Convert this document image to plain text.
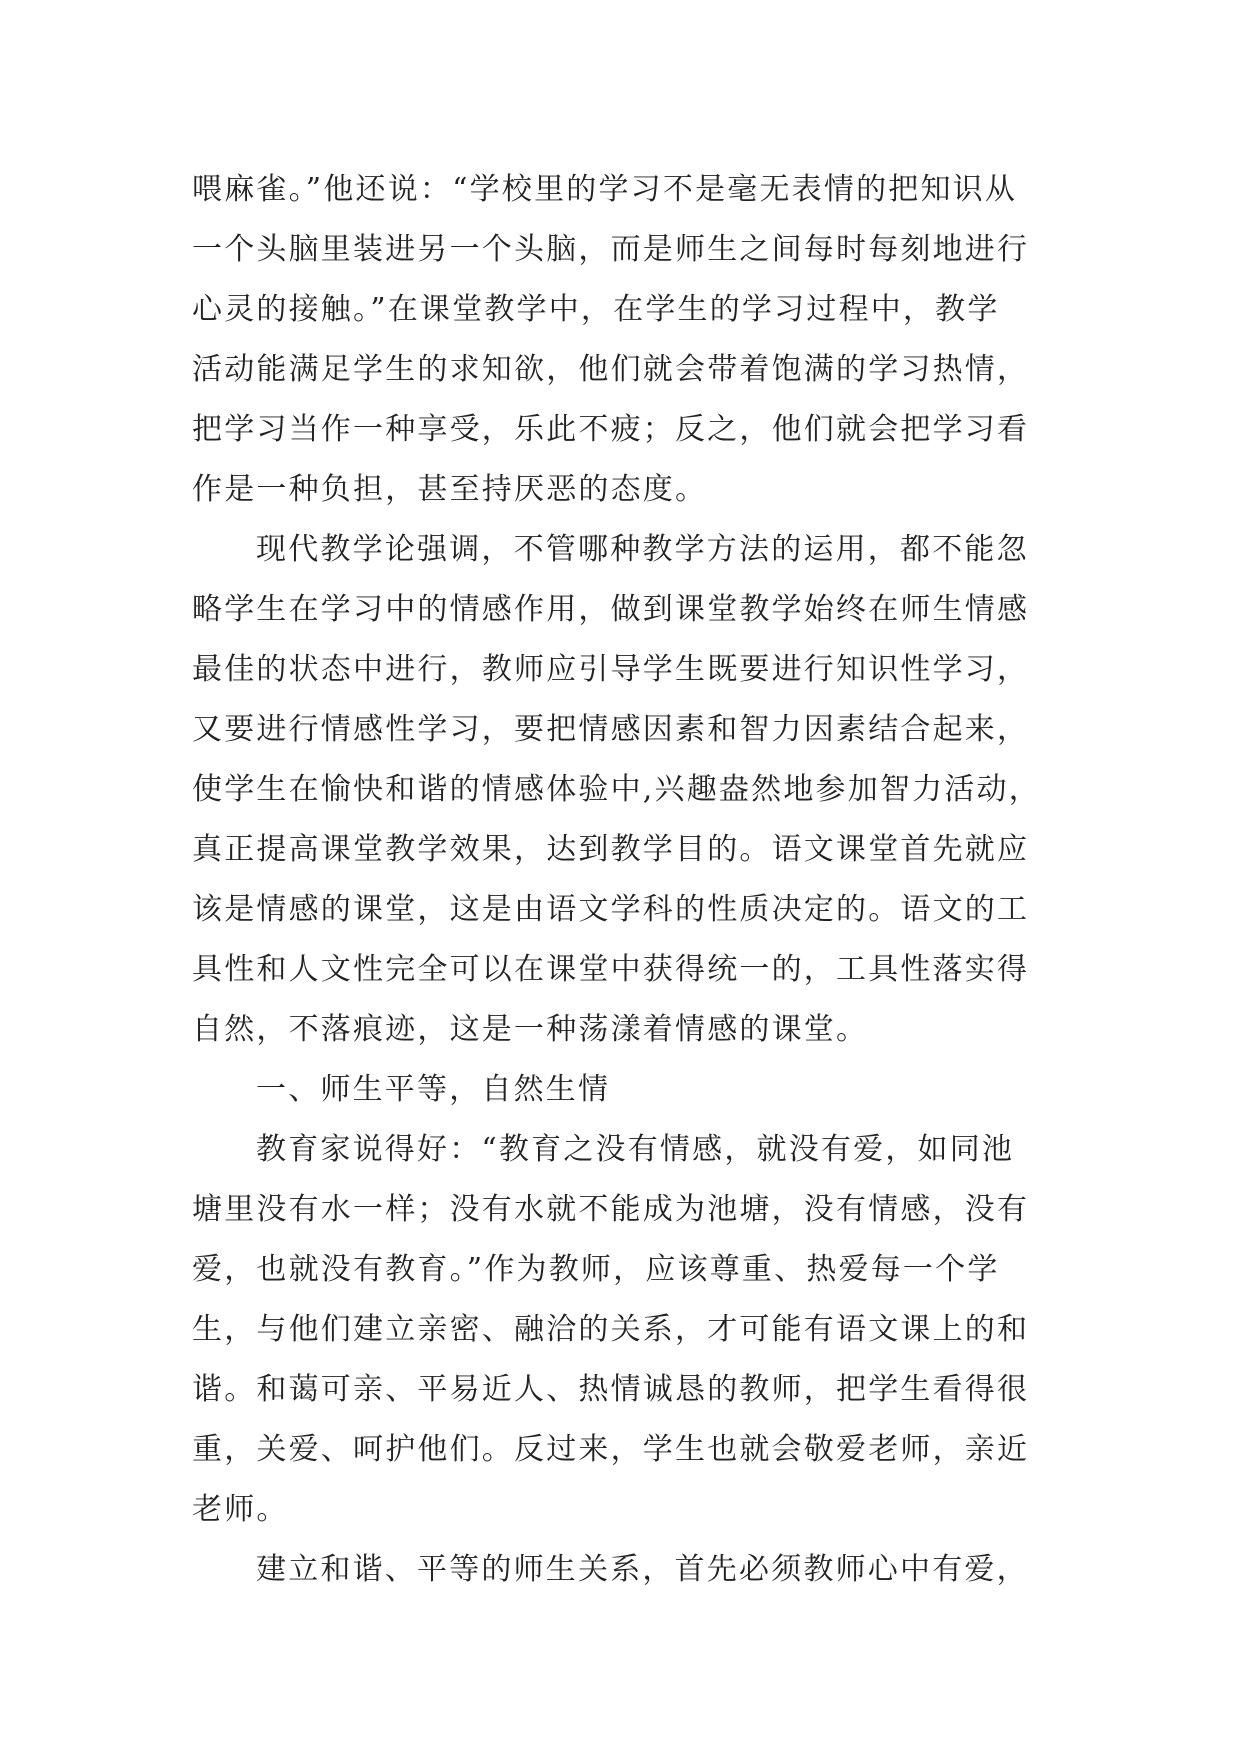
喂麻雀。”他还说：“学校里的学习不是毫无表情的把知识从
一个头脑里装进另一个头脑，而是师生之间每时每刻地进行
心灵的接触。”在课堂教学中，在学生的学习过程中，教学
活动能满足学生的求知欲，他们就会带着饱满的学习热情，
把学习当作一种享受，乐此不疲；反之，他们就会把学习看
作是一种负担，甚至持厌恶的态度。
现代教学论强调，不管哪种教学方法的运用，都不能忽
略学生在学习中的情感作用，做到课堂教学始终在师生情感
最佳的状态中进行，教师应引导学生既要进行知识性学习，
又要进行情感性学习，要把情感因素和智力因素结合起来，
使学生在愉快和谐的情感体验中,兴趣盎然地参加智力活动，
真正提高课堂教学效果，达到教学目的。语文课堂首先就应
该是情感的课堂，这是由语文学科的性质决定的。语文的工
具性和人文性完全可以在课堂中获得统一的，工具性落实得
自然，不落痕迹，这是一种荡漾着情感的课堂。
一、师生平等，自然生情
教育家说得好：“教育之没有情感，就没有爱，如同池
塘里没有水一样；没有水就不能成为池塘，没有情感，没有
爱，也就没有教育。”作为教师，应该尊重、热爱每一个学
生，与他们建立亲密、融洽的关系，才可能有语文课上的和
谐。和蔼可亲、平易近人、热情诚恳的教师，把学生看得很
重，关爱、呵护他们。反过来，学生也就会敬爱老师，亲近
老师。
建立和谐、平等的师生关系，首先必须教师心中有爱，
